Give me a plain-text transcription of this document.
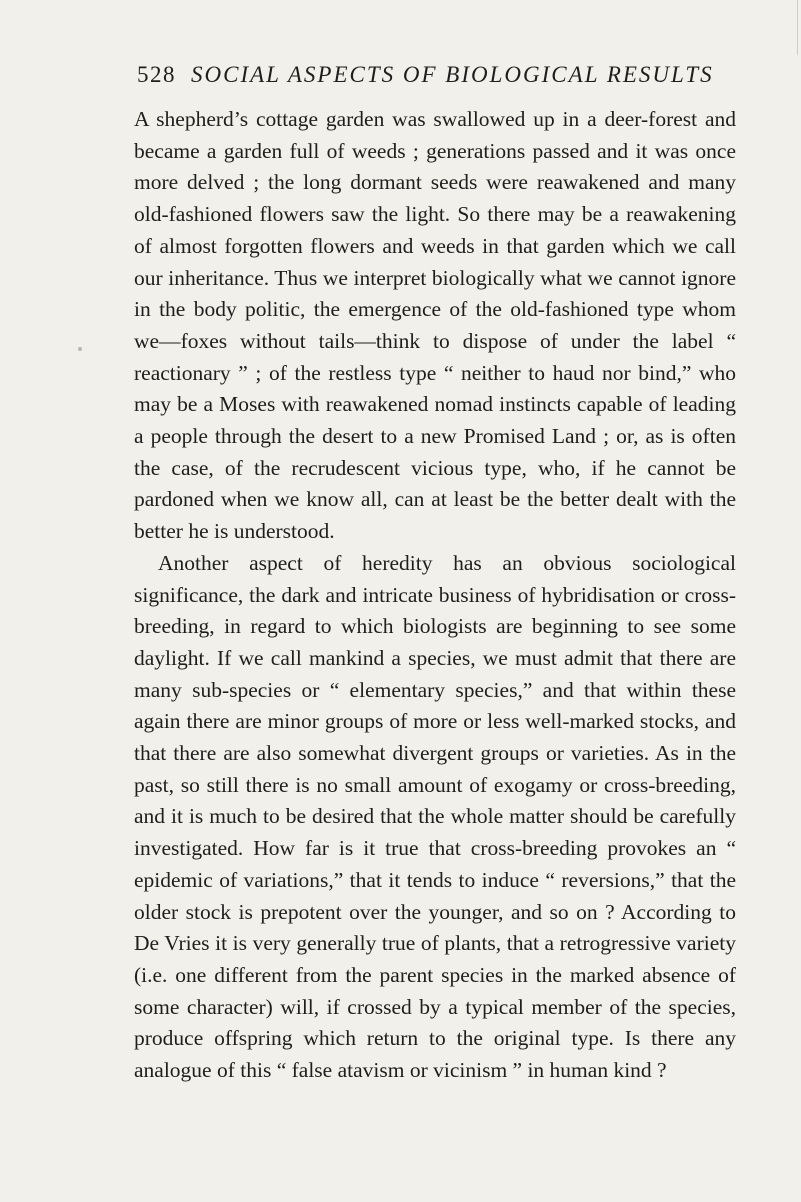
528 SOCIAL ASPECTS OF BIOLOGICAL RESULTS

A shepherd’s cottage garden was swallowed up in a deer-forest and became a garden full of weeds ; generations passed and it was once more delved ; the long dormant seeds were reawakened and many old-fashioned flowers saw the light. So there may be a reawakening of almost forgotten flowers and weeds in that garden which we call our inheritance. Thus we interpret biologically what we cannot ignore in the body politic, the emergence of the old-fashioned type whom we—foxes without tails—think to dispose of under the label “ reactionary ” ; of the restless type “ neither to haud nor bind,” who may be a Moses with reawakened nomad instincts capable of leading a people through the desert to a new Promised Land ; or, as is often the case, of the recrudescent vicious type, who, if he cannot be pardoned when we know all, can at least be the better dealt with the better he is understood.

Another aspect of heredity has an obvious sociological significance, the dark and intricate business of hybridisation or cross-breeding, in regard to which biologists are beginning to see some daylight. If we call mankind a species, we must admit that there are many sub-species or “ elementary species,” and that within these again there are minor groups of more or less well-marked stocks, and that there are also somewhat divergent groups or varieties. As in the past, so still there is no small amount of exogamy or cross-breeding, and it is much to be desired that the whole matter should be carefully investigated. How far is it true that cross-breeding provokes an “ epidemic of variations,” that it tends to induce “ reversions,” that the older stock is prepotent over the younger, and so on ? According to De Vries it is very generally true of plants, that a retrogressive variety (i.e. one different from the parent species in the marked absence of some character) will, if crossed by a typical member of the species, produce offspring which return to the original type. Is there any analogue of this “ false atavism or vicinism ” in human kind ?
